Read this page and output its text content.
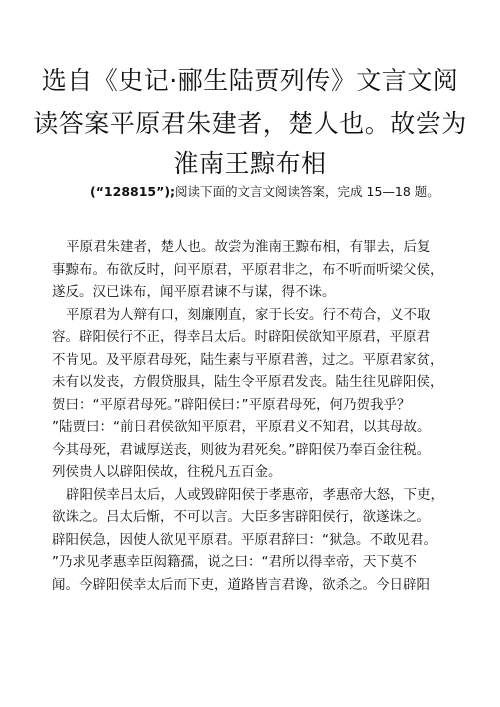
选自《史记·郦生陆贾列传》文言文阅
读答案平原君朱建者，楚人也。故尝为
淮南王黥布相
(“128815”);阅读下面的文言文阅读答案，完成 15—18 题。
平原君朱建者，楚人也。故尝为淮南王黥布相，有罪去，后复
事黥布。布欲反时，问平原君，平原君非之，布不听而听梁父侯，
遂反。汉已诛布，闻平原君谏不与谋，得不诛。
平原君为人辩有口，刻廉刚直，家于长安。行不苟合，义不取
容。辟阳侯行不正，得幸吕太后。时辟阳侯欲知平原君，平原君
不肯见。及平原君母死，陆生素与平原君善，过之。平原君家贫，
未有以发丧，方假贷服具，陆生令平原君发丧。陆生往见辟阳侯，
贺曰：“平原君母死。”辟阳侯曰：”平原君母死，何乃贺我乎？
”陆贾曰：“前日君侯欲知平原君，平原君义不知君，以其母故。
今其母死，君诚厚送丧，则彼为君死矣。”辟阳侯乃奉百金往税。
列侯贵人以辟阳侯故，往税凡五百金。
辟阳侯幸吕太后，人或毁辟阳侯于孝惠帝，孝惠帝大怒，下吏，
欲诛之。吕太后惭，不可以言。大臣多害辟阳侯行，欲遂诛之。
辟阳侯急，因使人欲见平原君。平原君辞曰：“狱急。不敢见君。
”乃求见孝惠幸臣闳籍孺，说之曰：“君所以得幸帝，天下莫不
闻。今辟阳侯幸太后而下吏，道路皆言君谗，欲杀之。今日辟阳
